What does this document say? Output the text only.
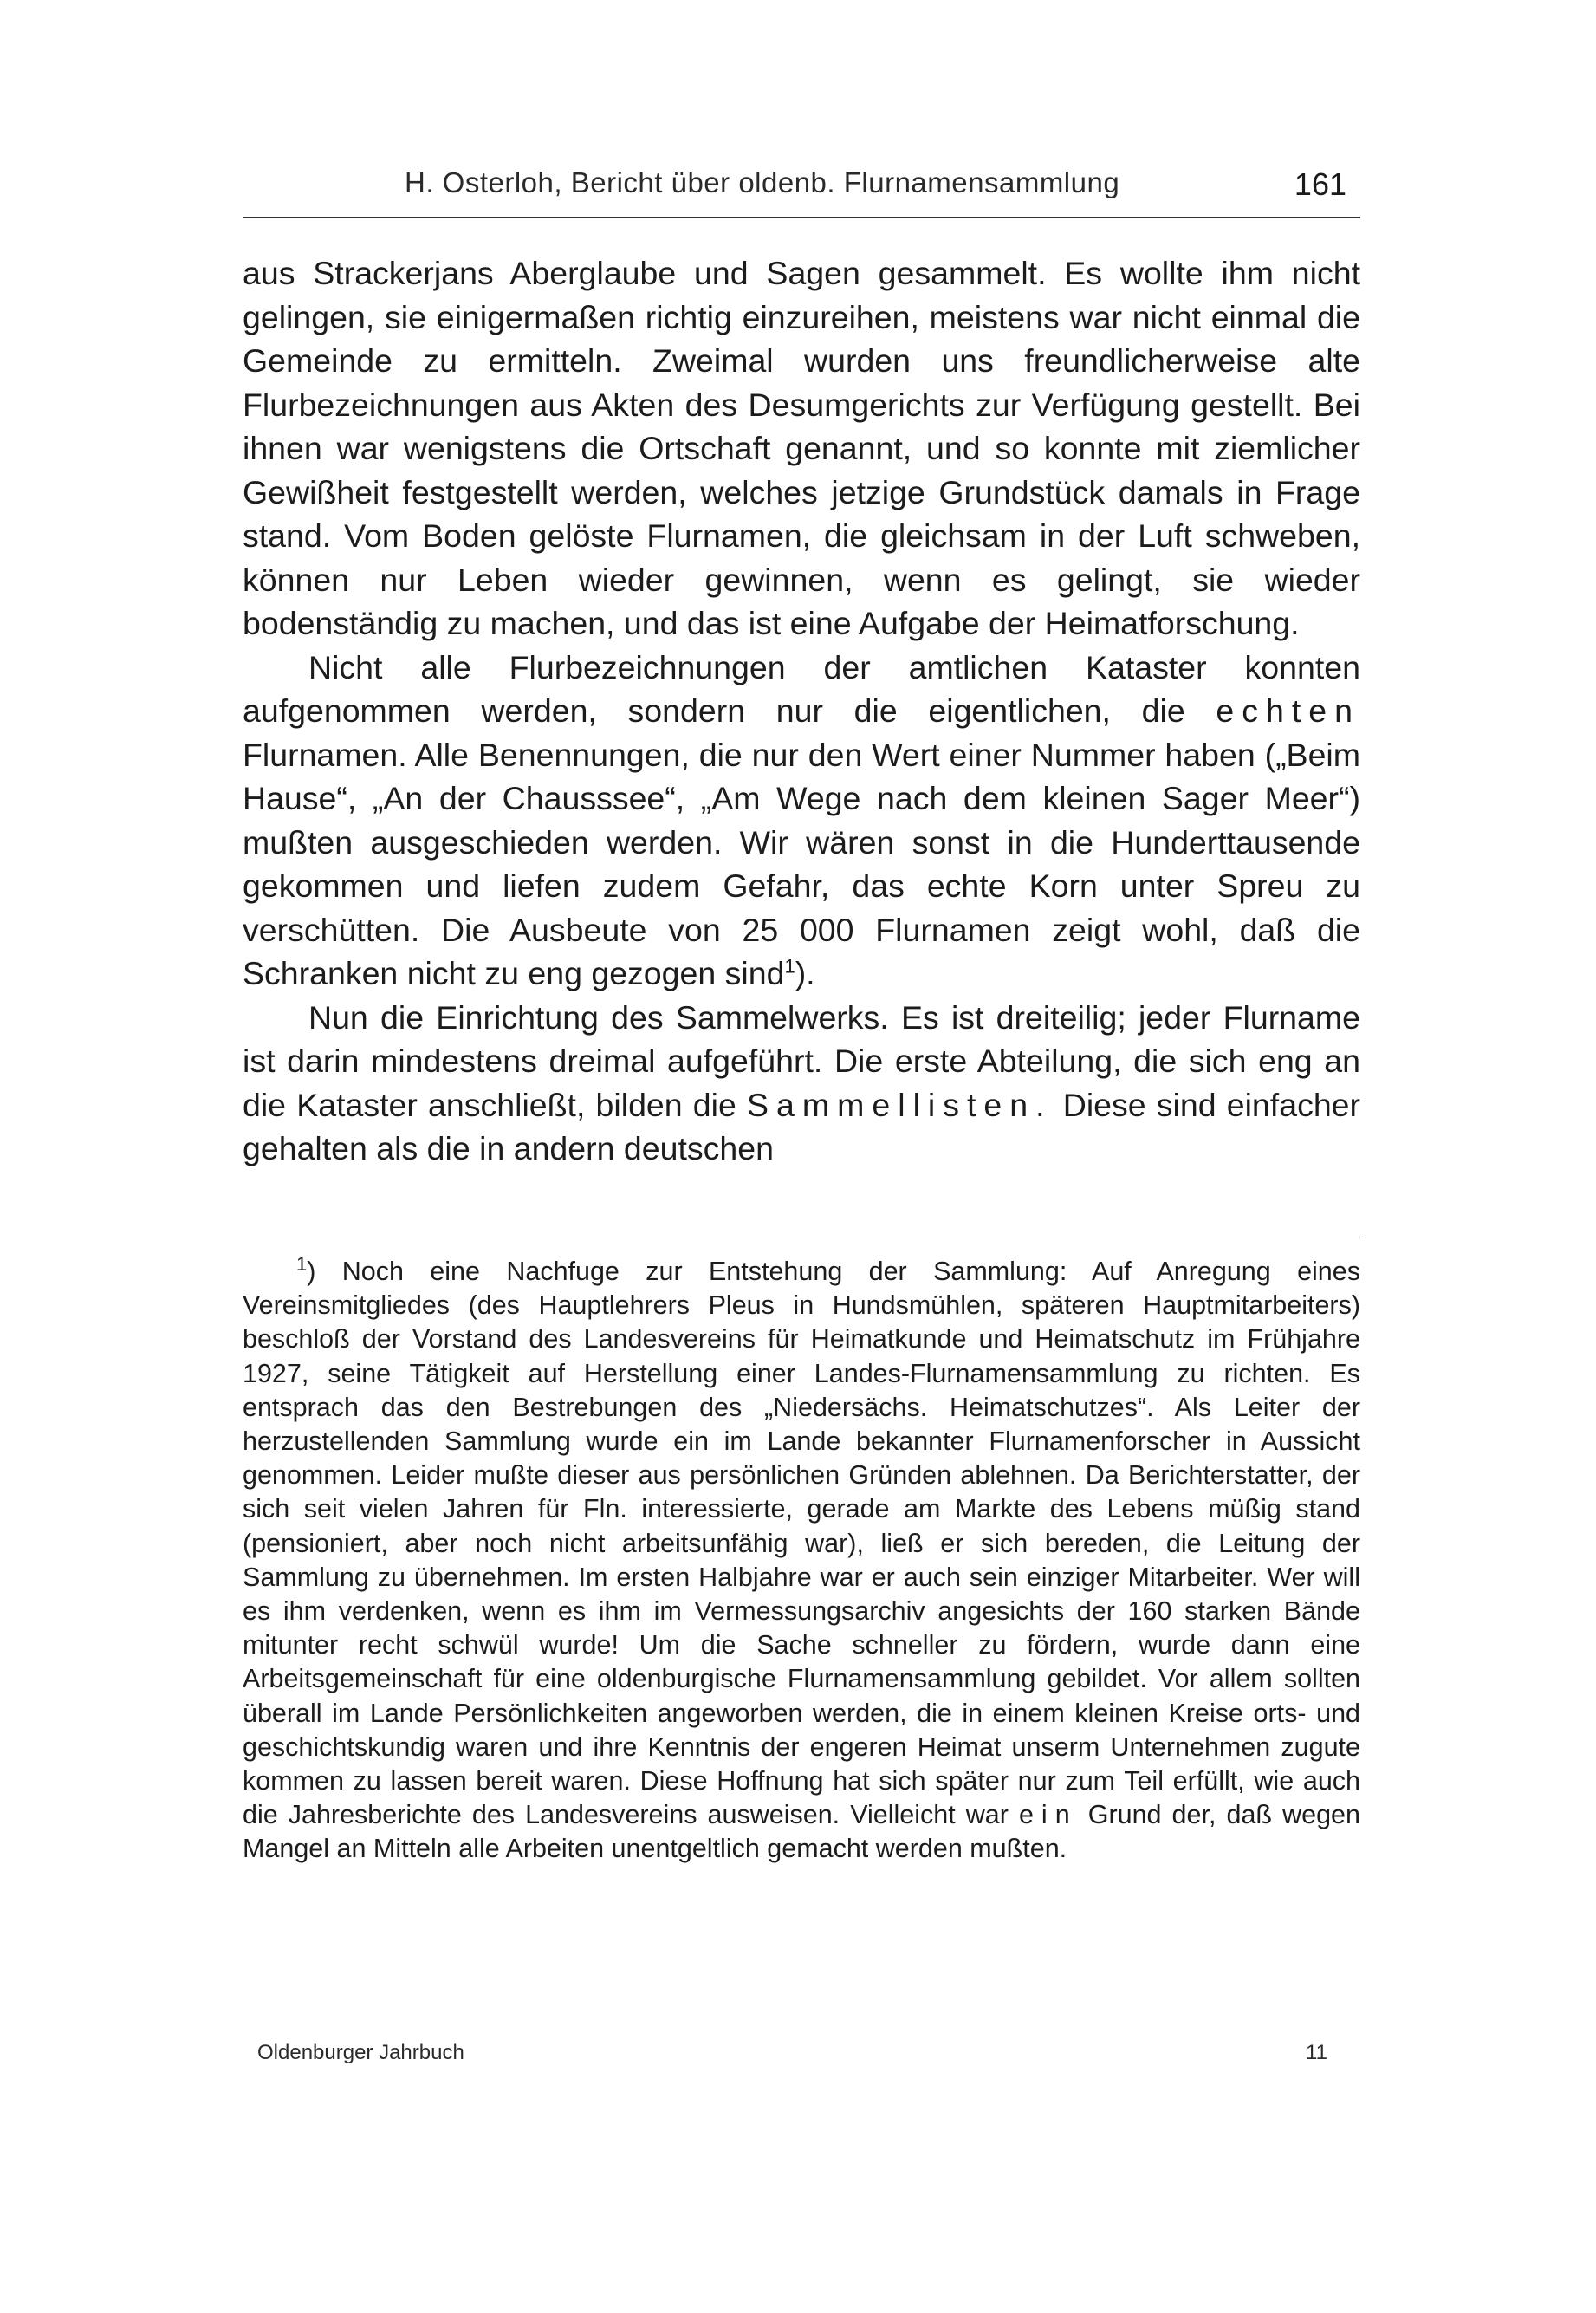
H. Osterloh, Bericht über oldenb. Flurnamensammlung	161

aus Strackerjans Aberglaube und Sagen gesammelt. Es wollte ihm nicht gelingen, sie einigermaßen richtig einzureihen, meistens war nicht einmal die Gemeinde zu ermitteln. Zweimal wurden uns freundlicherweise alte Flurbezeichnungen aus Akten des Desumgerichts zur Verfügung gestellt. Bei ihnen war wenigstens die Ortschaft genannt, und so konnte mit ziemlicher Gewißheit festgestellt werden, welches jetzige Grundstück damals in Frage stand. Vom Boden gelöste Flurnamen, die gleichsam in der Luft schweben, können nur Leben wieder gewinnen, wenn es gelingt, sie wieder bodenständig zu machen, und das ist eine Aufgabe der Heimatforschung.

Nicht alle Flurbezeichnungen der amtlichen Kataster konnten aufgenommen werden, sondern nur die eigentlichen, die echten Flurnamen. Alle Benennungen, die nur den Wert einer Nummer haben („Beim Hause“, „An der Chausssee“, „Am Wege nach dem kleinen Sager Meer“) mußten ausgeschieden werden. Wir wären sonst in die Hunderttausende gekommen und liefen zudem Gefahr, das echte Korn unter Spreu zu verschütten. Die Ausbeute von 25 000 Flurnamen zeigt wohl, daß die Schranken nicht zu eng gezogen sind$^1$).

Nun die Einrichtung des Sammelwerks. Es ist dreiteilig; jeder Flurname ist darin mindestens dreimal aufgeführt. Die erste Abteilung, die sich eng an die Kataster anschließt, bilden die Sammellisten. Diese sind einfacher gehalten als die in andern deutschen

$^1$) Noch eine Nachfuge zur Entstehung der Sammlung: Auf Anregung eines Vereinsmitgliedes (des Hauptlehrers Pleus in Hundsmühlen, späteren Hauptmitarbeiters) beschloß der Vorstand des Landesvereins für Heimatkunde und Heimatschutz im Frühjahre 1927, seine Tätigkeit auf Herstellung einer Landes-Flurnamensammlung zu richten. Es entsprach das den Bestrebungen des „Niedersächs. Heimatschutzes“. Als Leiter der herzustellenden Sammlung wurde ein im Lande bekannter Flurnamenforscher in Aussicht genommen. Leider mußte dieser aus persönlichen Gründen ablehnen. Da Berichterstatter, der sich seit vielen Jahren für Fln. interessierte, gerade am Markte des Lebens müßig stand (pensioniert, aber noch nicht arbeitsunfähig war), ließ er sich bereden, die Leitung der Sammlung zu übernehmen. Im ersten Halbjahre war er auch sein einziger Mitarbeiter. Wer will es ihm verdenken, wenn es ihm im Vermessungsarchiv angesichts der 160 starken Bände mitunter recht schwül wurde! Um die Sache schneller zu fördern, wurde dann eine Arbeitsgemeinschaft für eine oldenburgische Flurnamensammlung gebildet. Vor allem sollten überall im Lande Persönlichkeiten angeworben werden, die in einem kleinen Kreise orts- und geschichtskundig waren und ihre Kenntnis der engeren Heimat unserm Unternehmen zugute kommen zu lassen bereit waren. Diese Hoffnung hat sich später nur zum Teil erfüllt, wie auch die Jahresberichte des Landesvereins ausweisen. Vielleicht war ein Grund der, daß wegen Mangel an Mitteln alle Arbeiten unentgeltlich gemacht werden mußten.

Oldenburger Jahrbuch	11
